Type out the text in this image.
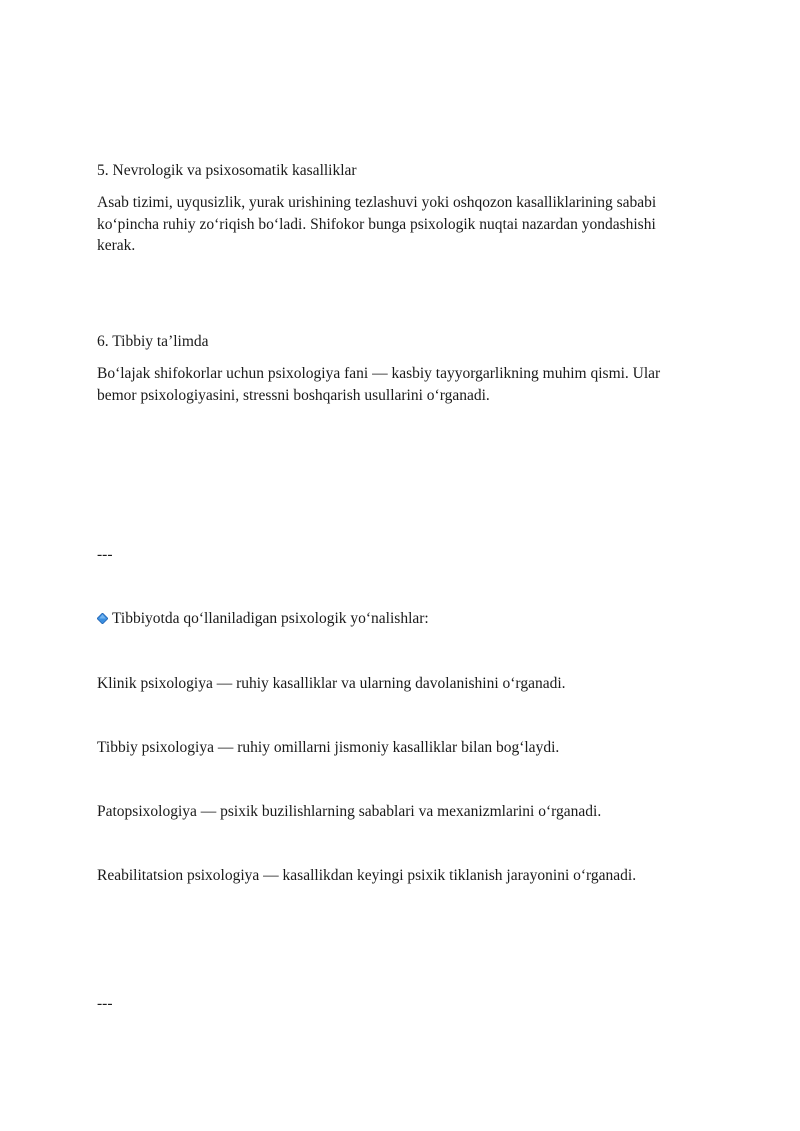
5. Nevrologik va psixosomatik kasalliklar
Asab tizimi, uyqusizlik, yurak urishining tezlashuvi yoki oshqozon kasalliklarining sababi ko‘pincha ruhiy zo‘riqish bo‘ladi. Shifokor bunga psixologik nuqtai nazardan yondashishi kerak.
6. Tibbiy ta’limda
Bo‘lajak shifokorlar uchun psixologiya fani — kasbiy tayyorgarlikning muhim qismi. Ular bemor psixologiyasini, stressni boshqarish usullarini o‘rganadi.
---
Tibbiyotda qo‘llaniladigan psixologik yo‘nalishlar:
Klinik psixologiya — ruhiy kasalliklar va ularning davolanishini o‘rganadi.
Tibbiy psixologiya — ruhiy omillarni jismoniy kasalliklar bilan bog‘laydi.
Patopsixologiya — psixik buzilishlarning sabablari va mexanizmlarini o‘rganadi.
Reabilitatsion psixologiya — kasallikdan keyingi psixik tiklanish jarayonini o‘rganadi.
---
